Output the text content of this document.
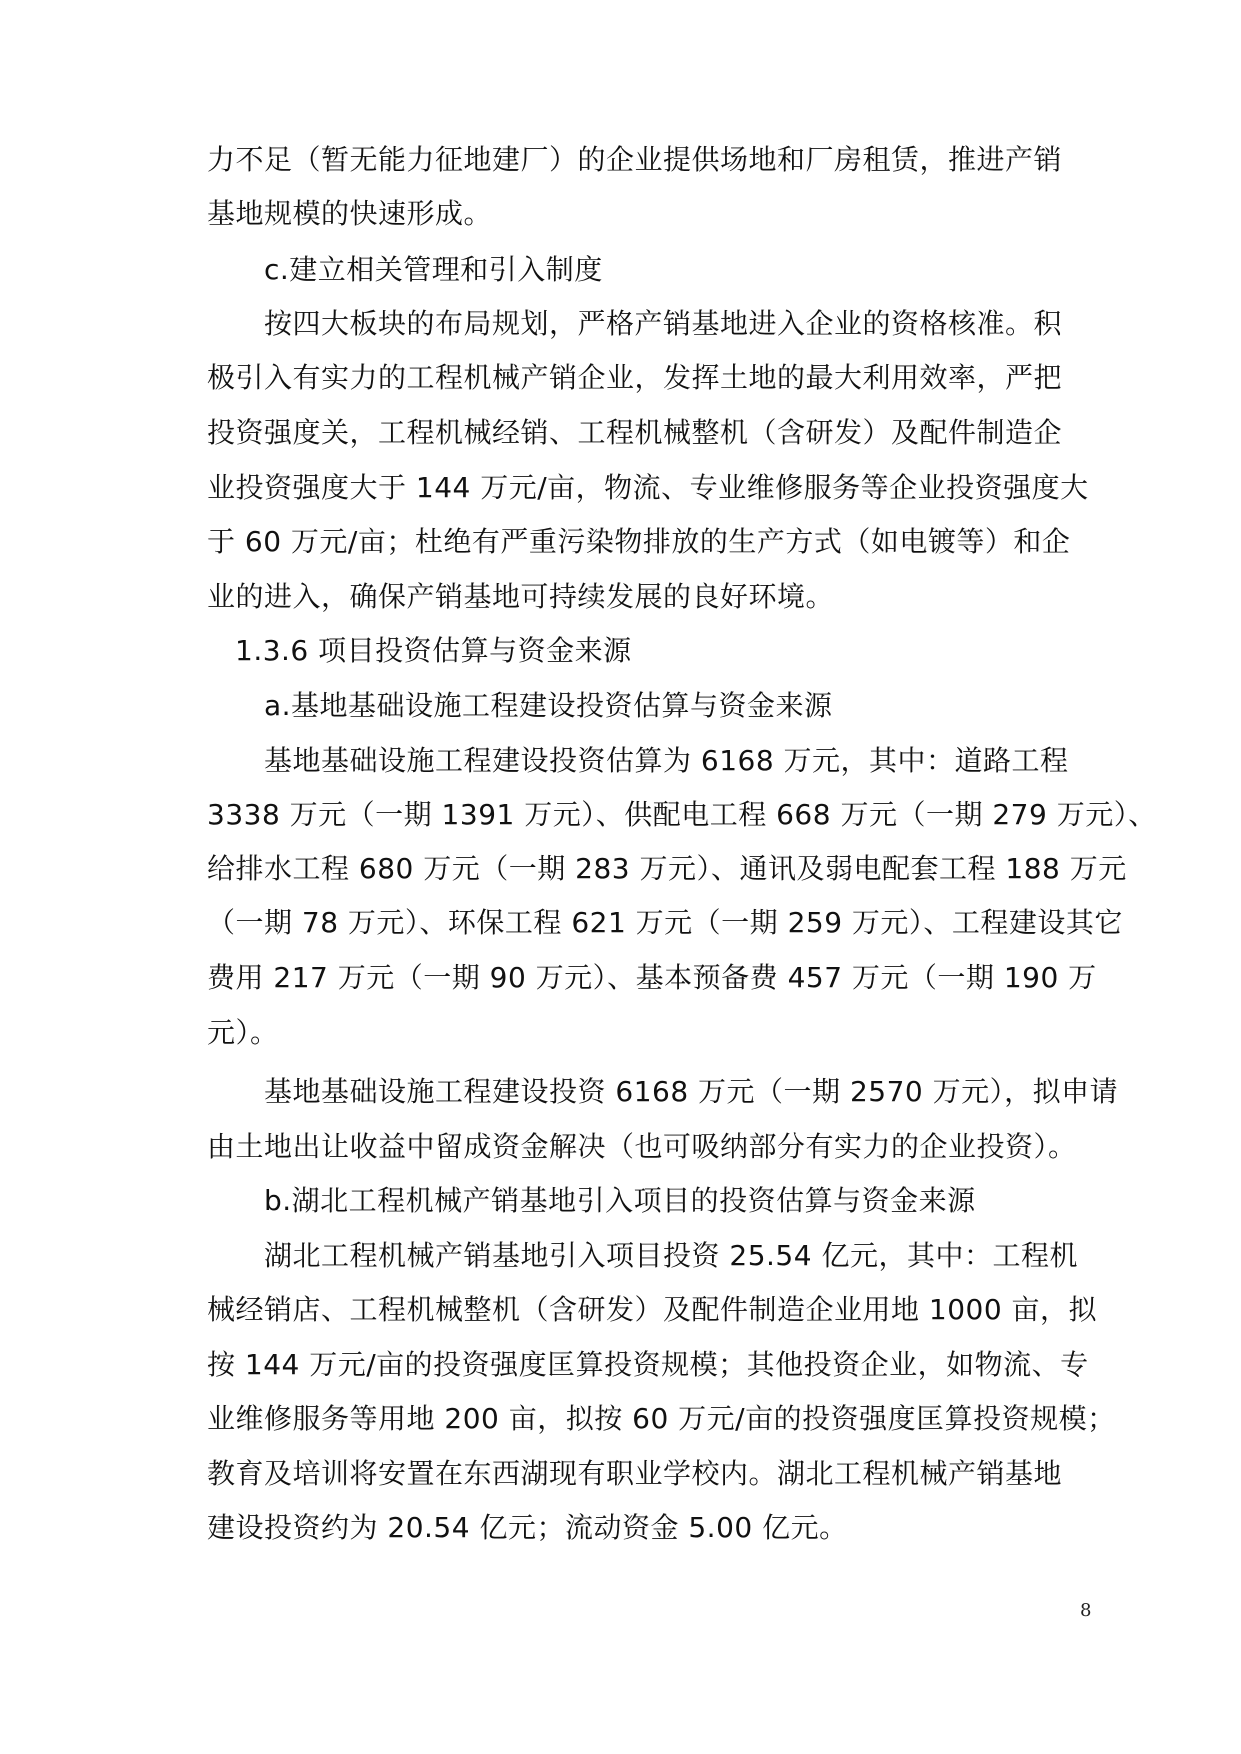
力不足（暂无能力征地建厂）的企业提供场地和厂房租赁，推进产销
基地规模的快速形成。
c.建立相关管理和引入制度
按四大板块的布局规划，严格产销基地进入企业的资格核准。积
极引入有实力的工程机械产销企业，发挥土地的最大利用效率，严把
投资强度关，工程机械经销、工程机械整机（含研发）及配件制造企
业投资强度大于 144 万元/亩，物流、专业维修服务等企业投资强度大
于 60 万元/亩；杜绝有严重污染物排放的生产方式（如电镀等）和企
业的进入，确保产销基地可持续发展的良好环境。
1.3.6 项目投资估算与资金来源
a.基地基础设施工程建设投资估算与资金来源
基地基础设施工程建设投资估算为 6168 万元，其中：道路工程
3338 万元（一期 1391 万元）、供配电工程 668 万元（一期 279 万元）、
给排水工程 680 万元（一期 283 万元）、通讯及弱电配套工程 188 万元
（一期 78 万元）、环保工程 621 万元（一期 259 万元）、工程建设其它
费用 217 万元（一期 90 万元）、基本预备费 457 万元（一期 190 万
元）。
基地基础设施工程建设投资 6168 万元（一期 2570 万元），拟申请
由土地出让收益中留成资金解决（也可吸纳部分有实力的企业投资）。
b.湖北工程机械产销基地引入项目的投资估算与资金来源
湖北工程机械产销基地引入项目投资 25.54 亿元，其中：工程机
械经销店、工程机械整机（含研发）及配件制造企业用地 1000 亩，拟
按 144 万元/亩的投资强度匡算投资规模；其他投资企业，如物流、专
业维修服务等用地 200 亩，拟按 60 万元/亩的投资强度匡算投资规模；
教育及培训将安置在东西湖现有职业学校内。湖北工程机械产销基地
建设投资约为 20.54 亿元；流动资金 5.00 亿元。
8
